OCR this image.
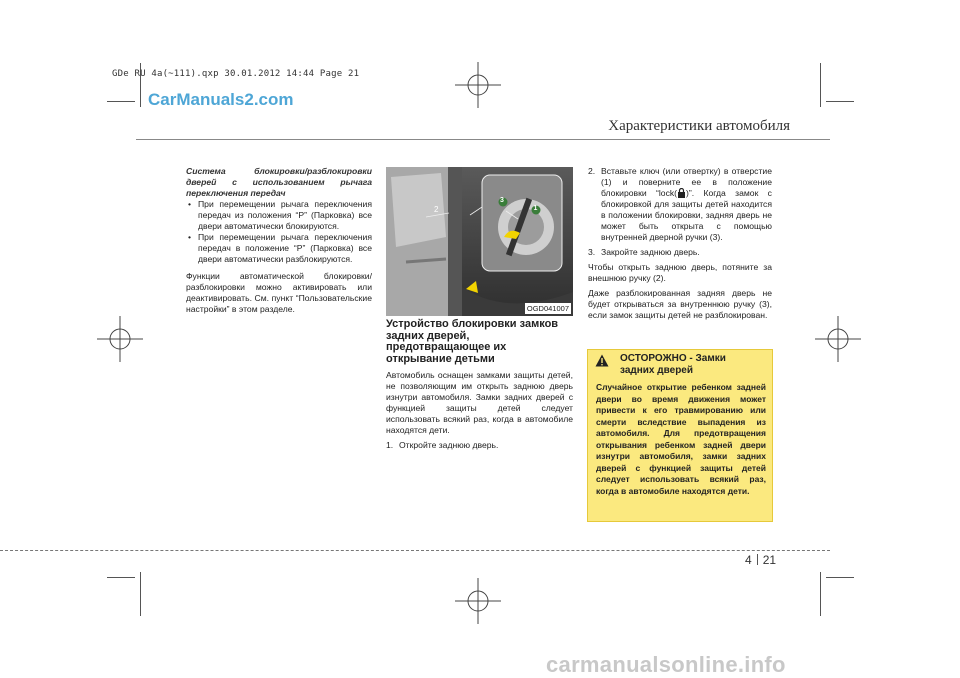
GDe RU 4a(~111).qxp 30.01.2012 14:44 Page 21
CarManuals2.com
Характеристики автомобиля

Система блокировки/разблокировки дверей с использованием рычага переключения передач

• При перемещении рычага переключения передач из положения “P” (Парковка) все двери автоматически блокируются.

• При перемещении рычага переключения передач в положение “P” (Парковка) все двери автоматически разблокируются.

Функции автоматической блокировки/разблокировки можно активировать или деактивировать. См. пункт “Пользовательские настройки” в этом разделе.

2
3
1
OGD041007

Устройство блокировки замков задних дверей, предотвращающее их открывание детьми

Автомобиль оснащен замками защиты детей, не позволяющим им открыть заднюю дверь изнутри автомобиля. Замки задних дверей с функцией защиты детей следует использовать всякий раз, когда в автомобиле находятся дети.

1. Откройте заднюю дверь.

2. Вставьте ключ (или отвертку) в отверстие (1) и поверните ее в положение блокировки “lock( )”. Когда замок с блокировкой для защиты детей находится в положении блокировки, задняя дверь не может быть открыта с помощью внутренней дверной ручки (3).

3. Закройте заднюю дверь.

Чтобы открыть заднюю дверь, потяните за внешнюю ручку (2).

Даже разблокированная задняя дверь не будет открываться за внутреннюю ручку (3), если замок защиты детей не разблокирован.

ОСТОРОЖНО - Замки
задних дверей
Случайное открытие ребенком задней двери во время движения может привести к его травмированию или смерти вследствие выпадения из автомобиля. Для предотвращения открывания ребенком задней двери изнутри автомобиля, замки задних дверей с функцией защиты детей следует использовать всякий раз, когда в автомобиле находятся дети.
4 21
carmanualsonline.info
